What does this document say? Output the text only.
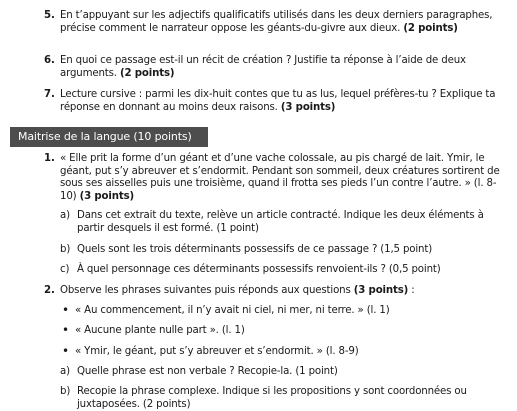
5. En t’appuyant sur les adjectifs qualificatifs utilisés dans les deux derniers paragraphes, précise comment le narrateur oppose les géants-du-givre aux dieux. (2 points)
6. En quoi ce passage est-il un récit de création ? Justifie ta réponse à l’aide de deux arguments. (2 points)
7. Lecture cursive : parmi les dix-huit contes que tu as lus, lequel préfères-tu ? Explique ta réponse en donnant au moins deux raisons. (3 points)
Maitrise de la langue (10 points)
1. « Elle prit la forme d’un géant et d’une vache colossale, au pis chargé de lait. Ymir, le géant, put s’y abreuver et s’endormit. Pendant son sommeil, deux créatures sortirent de sous ses aisselles puis une troisième, quand il frotta ses pieds l’un contre l’autre. » (l. 8-10) (3 points)
a) Dans cet extrait du texte, relève un article contracté. Indique les deux éléments à partir desquels il est formé. (1 point)
b) Quels sont les trois déterminants possessifs de ce passage ? (1,5 point)
c) À quel personnage ces déterminants possessifs renvoient-ils ? (0,5 point)
2. Observe les phrases suivantes puis réponds aux questions (3 points) :
• « Au commencement, il n’y avait ni ciel, ni mer, ni terre. » (l. 1)
• « Aucune plante nulle part ». (l. 1)
• « Ymir, le géant, put s’y abreuver et s’endormit. » (l. 8-9)
a) Quelle phrase est non verbale ? Recopie-la. (1 point)
b) Recopie la phrase complexe. Indique si les propositions y sont coordonnées ou juxtaposées. (2 points)
